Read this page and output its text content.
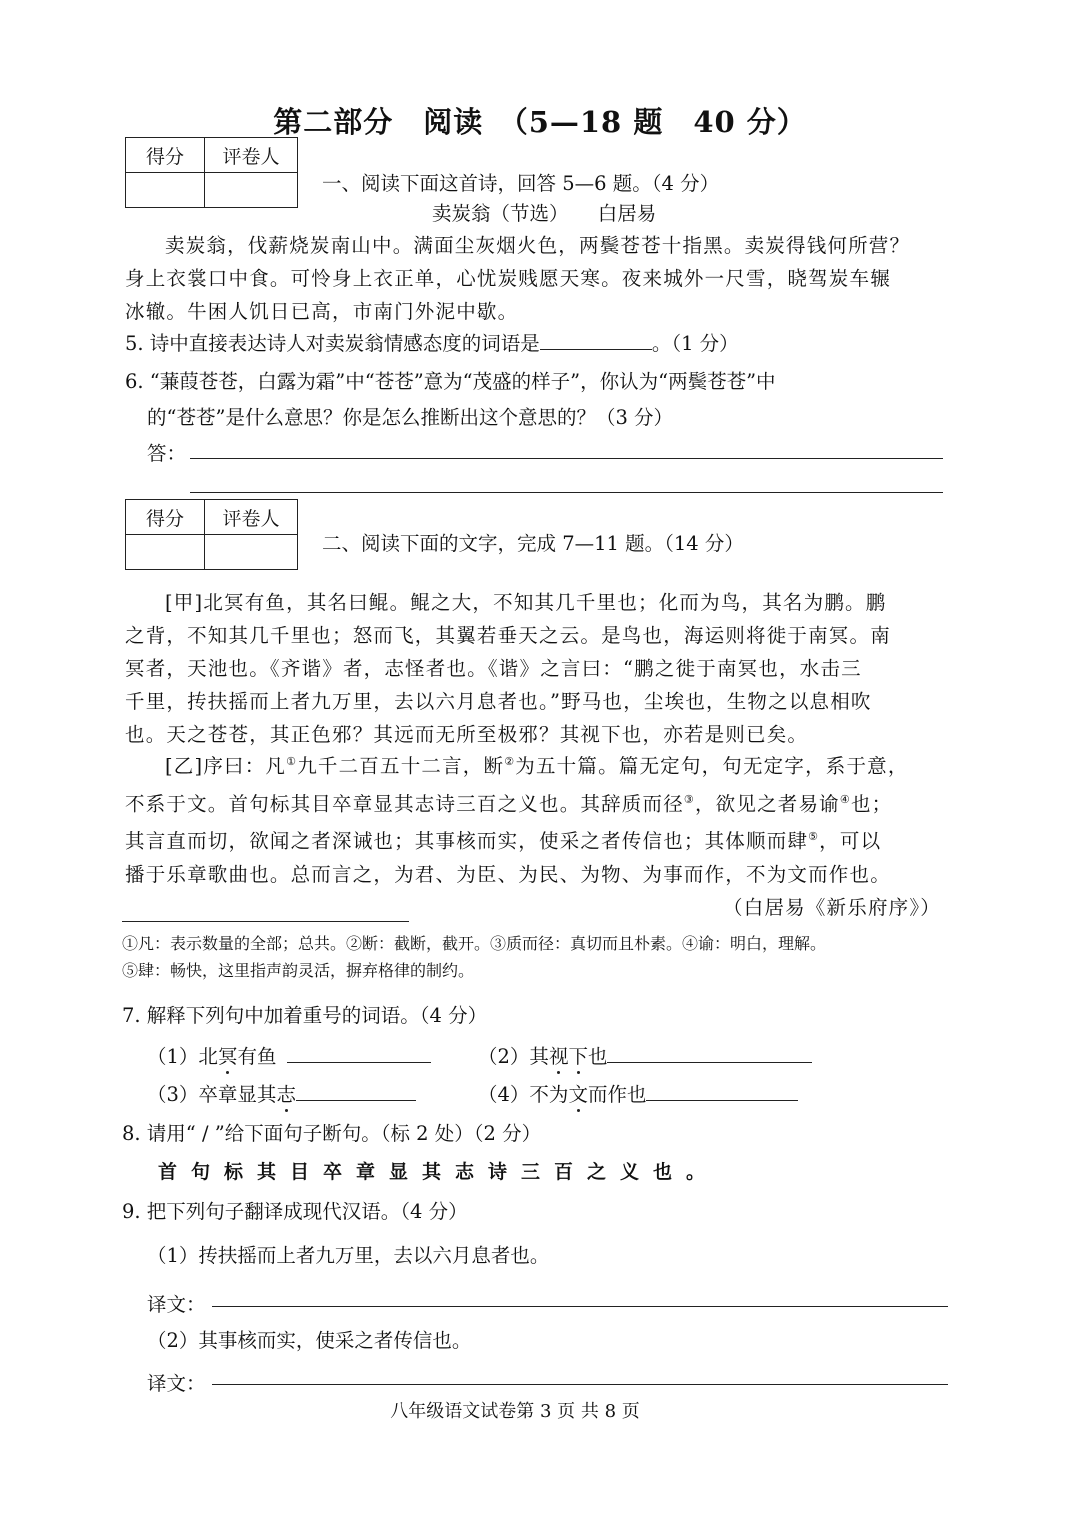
第二部分　阅读　（5—18 题　40 分）
得分	评卷人

一、阅读下面这首诗，回答 5—6 题。（4 分）
卖炭翁（节选）　　白居易
卖炭翁，伐薪烧炭南山中。满面尘灰烟火色，两鬓苍苍十指黑。卖炭得钱何所营？
身上衣裳口中食。可怜身上衣正单，心忧炭贱愿天寒。夜来城外一尺雪，晓驾炭车辗
冰辙。牛困人饥日已高，市南门外泥中歇。
5. 诗中直接表达诗人对卖炭翁情感态度的词语是	。（1 分）
6. “蒹葭苍苍，白露为霜”中“苍苍”意为“茂盛的样子”，你认为“两鬓苍苍”中
的“苍苍”是什么意思？你是怎么推断出这个意思的？（3 分）
答：
得分	评卷人

二、阅读下面的文字，完成 7—11 题。（14 分）
[甲]北冥有鱼，其名曰鲲。鲲之大，不知其几千里也；化而为鸟，其名为鹏。鹏
之背，不知其几千里也；怒而飞，其翼若垂天之云。是鸟也，海运则将徙于南冥。南
冥者，天池也。《齐谐》者，志怪者也。《谐》之言曰：“鹏之徙于南冥也，水击三
千里，抟扶摇而上者九万里，去以六月息者也。”野马也，尘埃也，生物之以息相吹
也。天之苍苍，其正色邪？其远而无所至极邪？其视下也，亦若是则已矣。
[乙]序曰：凡①九千二百五十二言，断②为五十篇。篇无定句，句无定字，系于意，
不系于文。首句标其目卒章显其志诗三百之义也。其辞质而径③，欲见之者易谕④也；
其言直而切，欲闻之者深诫也；其事核而实，使采之者传信也；其体顺而肆⑤，可以
播于乐章歌曲也。总而言之，为君、为臣、为民、为物、为事而作，不为文而作也。
（白居易《新乐府序》）
①凡：表示数量的全部；总共。②断：截断，截开。③质而径：真切而且朴素。④谕：明白，理解。
⑤肆：畅快，这里指声韵灵活，摒弃格律的制约。
7. 解释下列句中加着重号的词语。（4 分）
（1）北冥有鱼	（2）其视下也
（3）卒章显其志	（4）不为文而作也
8. 请用“ / ”给下面句子断句。（标 2 处）（2 分）
首句标其目卒章显其志诗三百之义也。
9. 把下列句子翻译成现代汉语。（4 分）
（1）抟扶摇而上者九万里，去以六月息者也。
译文：
（2）其事核而实，使采之者传信也。
译文：
八年级语文试卷第 3 页 共 8 页
